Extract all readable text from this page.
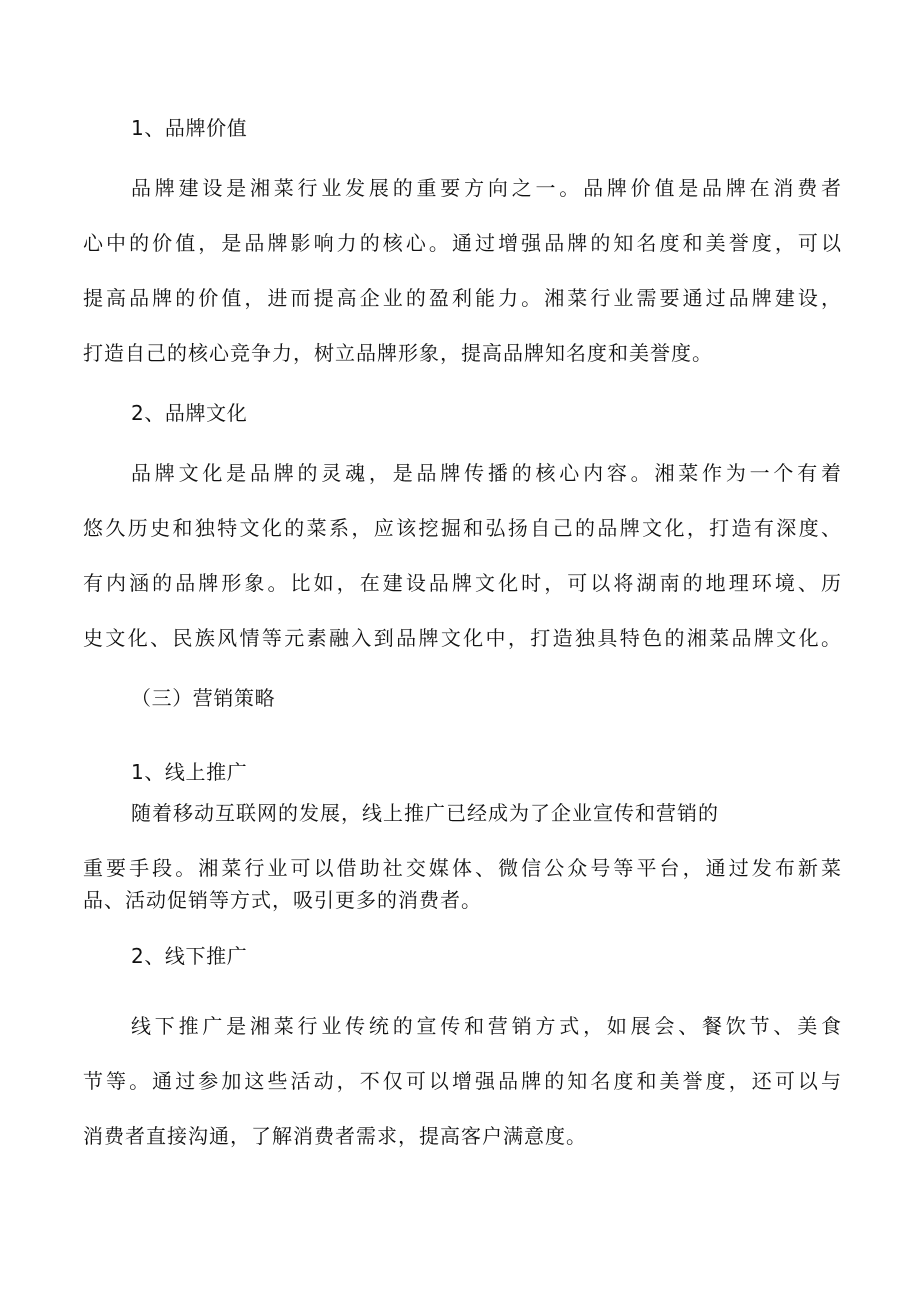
1、品牌价值
品牌建设是湘菜行业发展的重要方向之一。品牌价值是品牌在消费者
心中的价值，是品牌影响力的核心。通过增强品牌的知名度和美誉度，可以
提高品牌的价值，进而提高企业的盈利能力。湘菜行业需要通过品牌建设，
打造自己的核心竞争力，树立品牌形象，提高品牌知名度和美誉度。
2、品牌文化
品牌文化是品牌的灵魂，是品牌传播的核心内容。湘菜作为一个有着
悠久历史和独特文化的菜系，应该挖掘和弘扬自己的品牌文化，打造有深度、
有内涵的品牌形象。比如，在建设品牌文化时，可以将湖南的地理环境、历
史文化、民族风情等元素融入到品牌文化中，打造独具特色的湘菜品牌文化。
（三）营销策略
1、线上推广
随着移动互联网的发展，线上推广已经成为了企业宣传和营销的
重要手段。湘菜行业可以借助社交媒体、微信公众号等平台，通过发布新菜
品、活动促销等方式，吸引更多的消费者。
2、线下推广
线下推广是湘菜行业传统的宣传和营销方式，如展会、餐饮节、美食
节等。通过参加这些活动，不仅可以增强品牌的知名度和美誉度，还可以与
消费者直接沟通，了解消费者需求，提高客户满意度。
